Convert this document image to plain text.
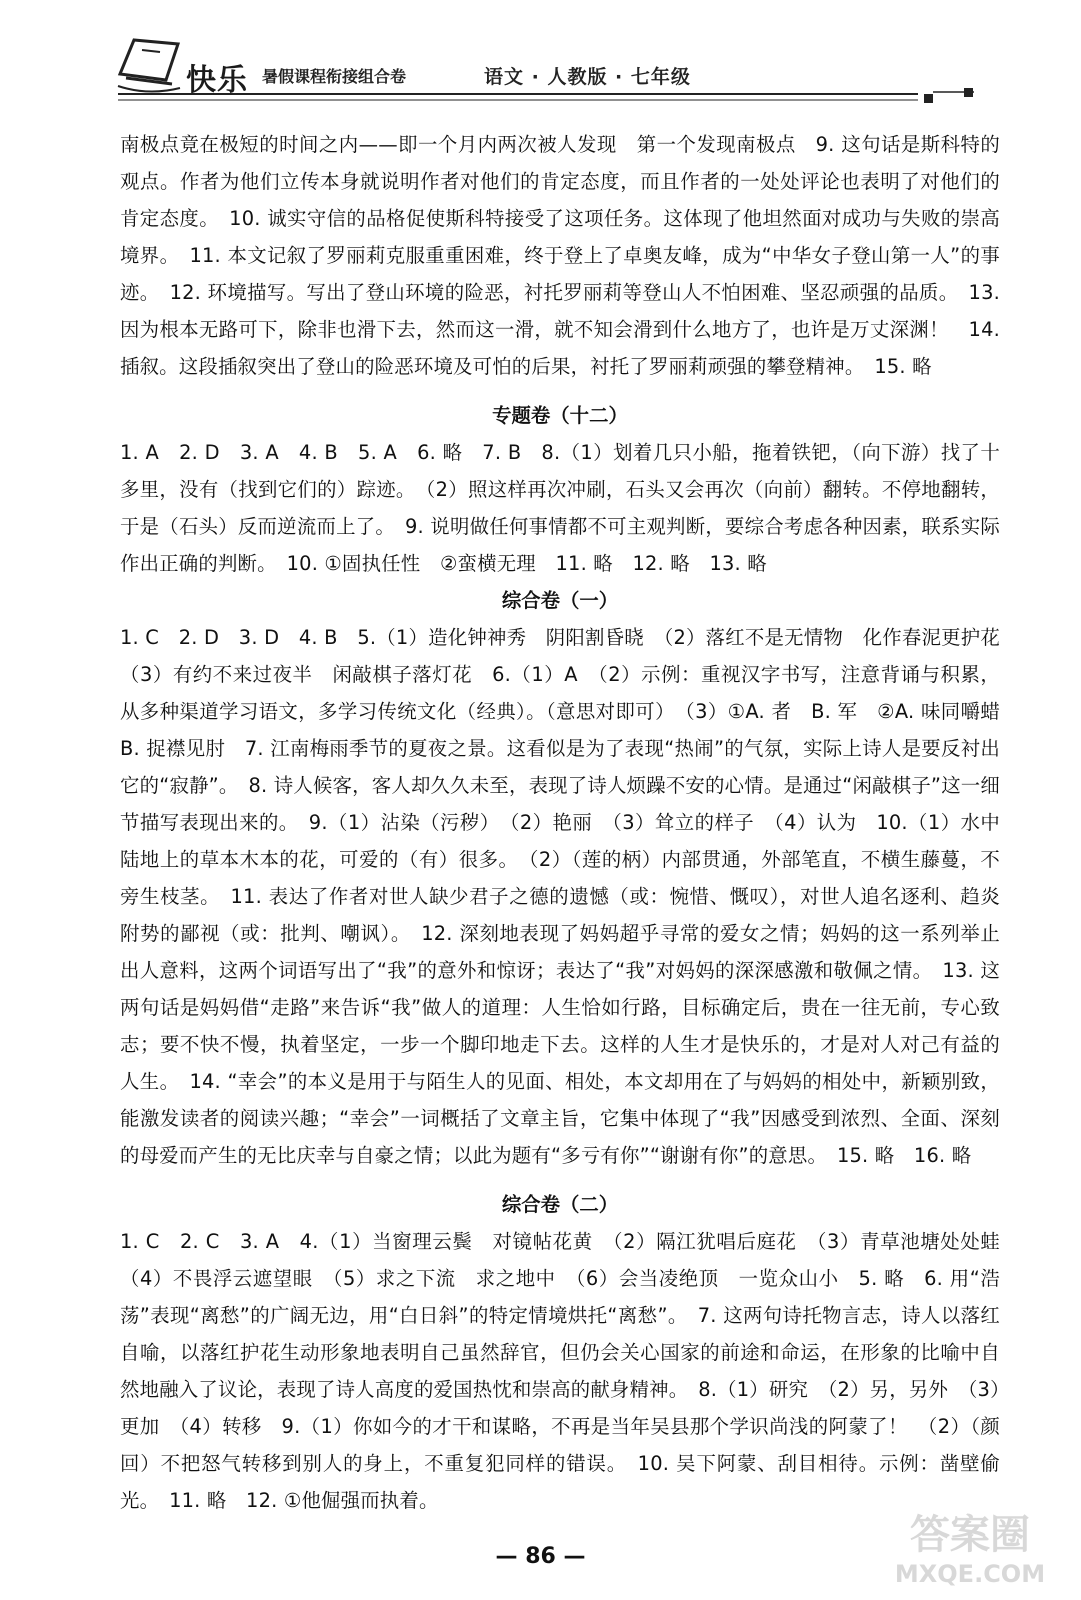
快乐 暑假课程衔接组合卷	语文 · 人教版 · 七年级

南极点竟在极短的时间之内——即一个月内两次被人发现　第一个发现南极点　9. 这句话是斯科特的观点。作者为他们立传本身就说明作者对他们的肯定态度，而且作者的一处处评论也表明了对他们的肯定态度。　10. 诚实守信的品格促使斯科特接受了这项任务。这体现了他坦然面对成功与失败的崇高境界。　11. 本文记叙了罗丽莉克服重重困难，终于登上了卓奥友峰，成为“中华女子登山第一人”的事迹。　12. 环境描写。写出了登山环境的险恶，衬托罗丽莉等登山人不怕困难、坚忍顽强的品质。　13. 因为根本无路可下，除非也滑下去，然而这一滑，就不知会滑到什么地方了，也许是万丈深渊！　14. 插叙。这段插叙突出了登山的险恶环境及可怕的后果，衬托了罗丽莉顽强的攀登精神。　15. 略

专题卷（十二）

1. A　2. D　3. A　4. B　5. A　6. 略　7. B　8.（1）划着几只小船，拖着铁钯，（向下游）找了十多里，没有（找到它们的）踪迹。　（2）照这样再次冲刷，石头又会再次（向前）翻转。不停地翻转，于是（石头）反而逆流而上了。　9. 说明做任何事情都不可主观判断，要综合考虑各种因素，联系实际作出正确的判断。　10. ①固执任性　②蛮横无理　11. 略　12. 略　13. 略

综合卷（一）

1. C　2. D　3. D　4. B　5.（1）造化钟神秀　阴阳割昏晓　（2）落红不是无情物　化作春泥更护花　（3）有约不来过夜半　闲敲棋子落灯花　6.（1）A　（2）示例：重视汉字书写，注意背诵与积累，从多种渠道学习语文，多学习传统文化（经典）。（意思对即可）　（3）①A. 者　B. 军　②A. 味同嚼蜡　B. 捉襟见肘　7. 江南梅雨季节的夏夜之景。这看似是为了表现“热闹”的气氛，实际上诗人是要反衬出它的“寂静”。　8. 诗人候客，客人却久久未至，表现了诗人烦躁不安的心情。是通过“闲敲棋子”这一细节描写表现出来的。　9.（1）沾染（污秽）　（2）艳丽　（3）耸立的样子　（4）认为　10.（1）水中陆地上的草本木本的花，可爱的（有）很多。　（2）（莲的柄）内部贯通，外部笔直，不横生藤蔓，不旁生枝茎。　11. 表达了作者对世人缺少君子之德的遗憾（或：惋惜、慨叹），对世人追名逐利、趋炎附势的鄙视（或：批判、嘲讽）。　12. 深刻地表现了妈妈超乎寻常的爱女之情；妈妈的这一系列举止出人意料，这两个词语写出了“我”的意外和惊讶；表达了“我”对妈妈的深深感激和敬佩之情。　13. 这两句话是妈妈借“走路”来告诉“我”做人的道理：人生恰如行路，目标确定后，贵在一往无前，专心致志；要不快不慢，执着坚定，一步一个脚印地走下去。这样的人生才是快乐的，才是对人对己有益的人生。　14. “幸会”的本义是用于与陌生人的见面、相处，本文却用在了与妈妈的相处中，新颖别致，能激发读者的阅读兴趣；“幸会”一词概括了文章主旨，它集中体现了“我”因感受到浓烈、全面、深刻的母爱而产生的无比庆幸与自豪之情；以此为题有“多亏有你”“谢谢有你”的意思。　15. 略　16. 略

综合卷（二）

1. C　2. C　3. A　4.（1）当窗理云鬓　对镜帖花黄　（2）隔江犹唱后庭花　（3）青草池塘处处蛙　（4）不畏浮云遮望眼　（5）求之下流　求之地中　（6）会当凌绝顶　一览众山小　5. 略　6. 用“浩荡”表现“离愁”的广阔无边，用“白日斜”的特定情境烘托“离愁”。　7. 这两句诗托物言志，诗人以落红自喻，以落红护花生动形象地表明自己虽然辞官，但仍会关心国家的前途和命运，在形象的比喻中自然地融入了议论，表现了诗人高度的爱国热忱和崇高的献身精神。　8.（1）研究　（2）另，另外　（3）更加　（4）转移　9.（1）你如今的才干和谋略，不再是当年吴县那个学识尚浅的阿蒙了！　（2）（颜回）不把怒气转移到别人的身上，不重复犯同样的错误。　10. 吴下阿蒙、刮目相待。示例：凿壁偷光。　11. 略　12. ①他倔强而执着。

— 86 —	答案圈
MXQE.COM
